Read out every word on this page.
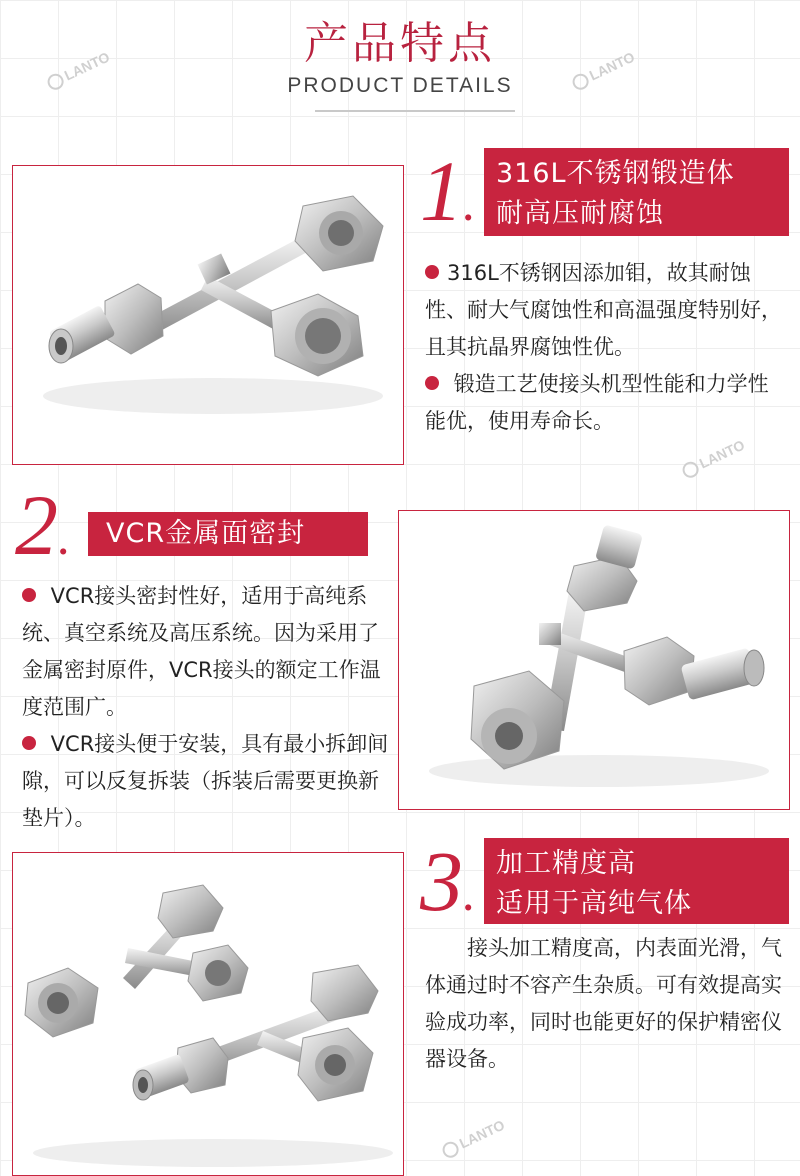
产品特点
PRODUCT DETAILS
LANTO	LANTO
LANTO
LANTO
1.
316L不锈钢锻造体
耐高压耐腐蚀
316L不锈钢因添加钼，故其耐蚀性、耐大气腐蚀性和高温强度特别好，且其抗晶界腐蚀性优。
锻造工艺使接头机型性能和力学性能优，使用寿命长。
2.	VCR金属面密封
VCR接头密封性好，适用于高纯系统、真空系统及高压系统。因为采用了金属密封原件，VCR接头的额定工作温度范围广。
VCR接头便于安装，具有最小拆卸间隙，可以反复拆装（拆装后需要更换新垫片）。
3.
加工精度高
适用于高纯气体
接头加工精度高，内表面光滑，气体通过时不容产生杂质。可有效提高实验成功率，同时也能更好的保护精密仪器设备。
